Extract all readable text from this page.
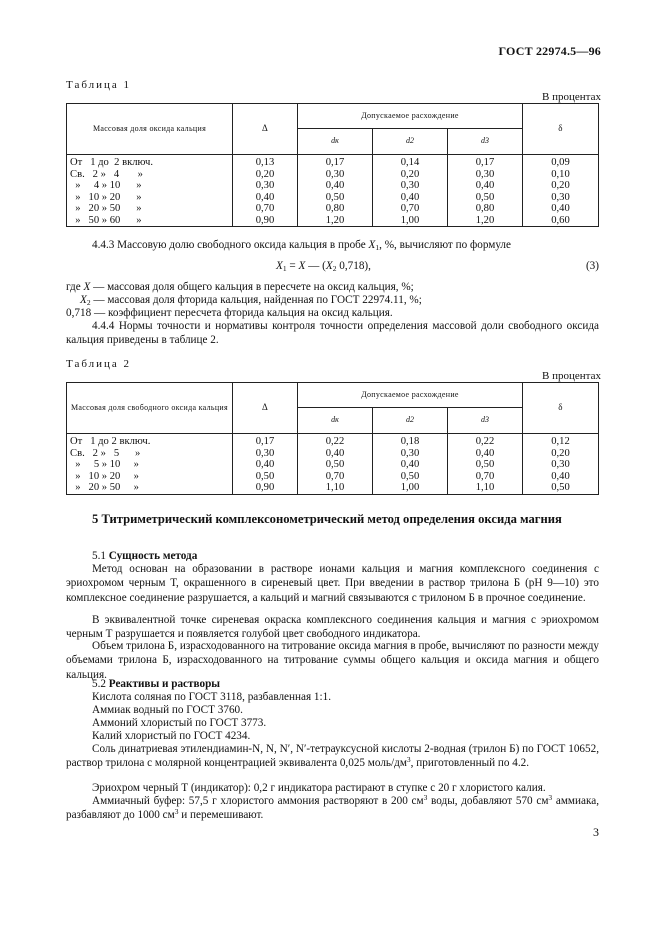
ГОСТ 22974.5—96
Таблица 1
В процентах
Массовая доля оксида кальция	Δ	Допускаемое расхождение			δ
		dк	d2	d3	
От   1 до  2 включ.	0,13	0,17	0,14	0,17	0,09
Св.   2 »   4       »	0,20	0,30	0,20	0,30	0,10
»     4 » 10      »	0,30	0,40	0,30	0,40	0,20
»   10 » 20      »	0,40	0,50	0,40	0,50	0,30
»   20 » 50      »	0,70	0,80	0,70	0,80	0,40
»   50 » 60      »	0,90	1,20	1,00	1,20	0,60
4.4.3 Массовую долю свободного оксида кальция в пробе $X_1$, %, вычисляют по формуле
$X_1 = X$ — ($X_2$ 0,718),	(3)
где X — массовая доля общего кальция в пересчете на оксид кальция, %;
$X_2$ — массовая доля фторида кальция, найденная по ГОСТ 22974.11, %;
0,718 — коэффициент пересчета фторида кальция на оксид кальция.
4.4.4 Нормы точности и нормативы контроля точности определения массовой доли свободного оксида кальция приведены в таблице 2.
Таблица 2
В процентах
Массовая доля свободного оксида кальция	Δ	Допускаемое расхождение			δ
		dк	d2	d3	
От   1 до 2 включ.	0,17	0,22	0,18	0,22	0,12
Св.   2 »   5      »	0,30	0,40	0,30	0,40	0,20
»     5 » 10     »	0,40	0,50	0,40	0,50	0,30
»   10 » 20     »	0,50	0,70	0,50	0,70	0,40
»   20 » 50     »	0,90	1,10	1,00	1,10	0,50
5 Титриметрический комплексонометрический метод определения оксида магния
5.1 Сущность метода
Метод основан на образовании в растворе ионами кальция и магния комплексного соединения с эриохромом черным Т, окрашенного в сиреневый цвет. При введении в раствор трилона Б (рН 9—10) это комплексное соединение разрушается, а кальций и магний связываются с трилоном Б в прочное соединение.
В эквивалентной точке сиреневая окраска комплексного соединения кальция и магния с эриохромом черным Т разрушается и появляется голубой цвет свободного индикатора.
Объем трилона Б, израсходованного на титрование оксида магния в пробе, вычисляют по разности между объемами трилона Б, израсходованного на титрование суммы общего кальция и оксида магния и общего кальция.
5.2 Реактивы и растворы
Кислота соляная по ГОСТ 3118, разбавленная 1:1.
Аммиак водный по ГОСТ 3760.
Аммоний хлористый по ГОСТ 3773.
Калий хлористый по ГОСТ 4234.
Соль динатриевая этилендиамин-N, N, N′, N′-тетрауксусной кислоты 2-водная (трилон Б) по ГОСТ 10652, раствор трилона с молярной концентрацией эквивалента 0,025 моль/$дм^3$, приготовленный по 4.2.
Эриохром черный Т (индикатор): 0,2 г индикатора растирают в ступке с 20 г хлористого калия.
Аммиачный буфер: 57,5 г хлористого аммония растворяют в 200 $см^3$ воды, добавляют 570 $см^3$ аммиака, разбавляют до 1000 $см^3$ и перемешивают.
3
